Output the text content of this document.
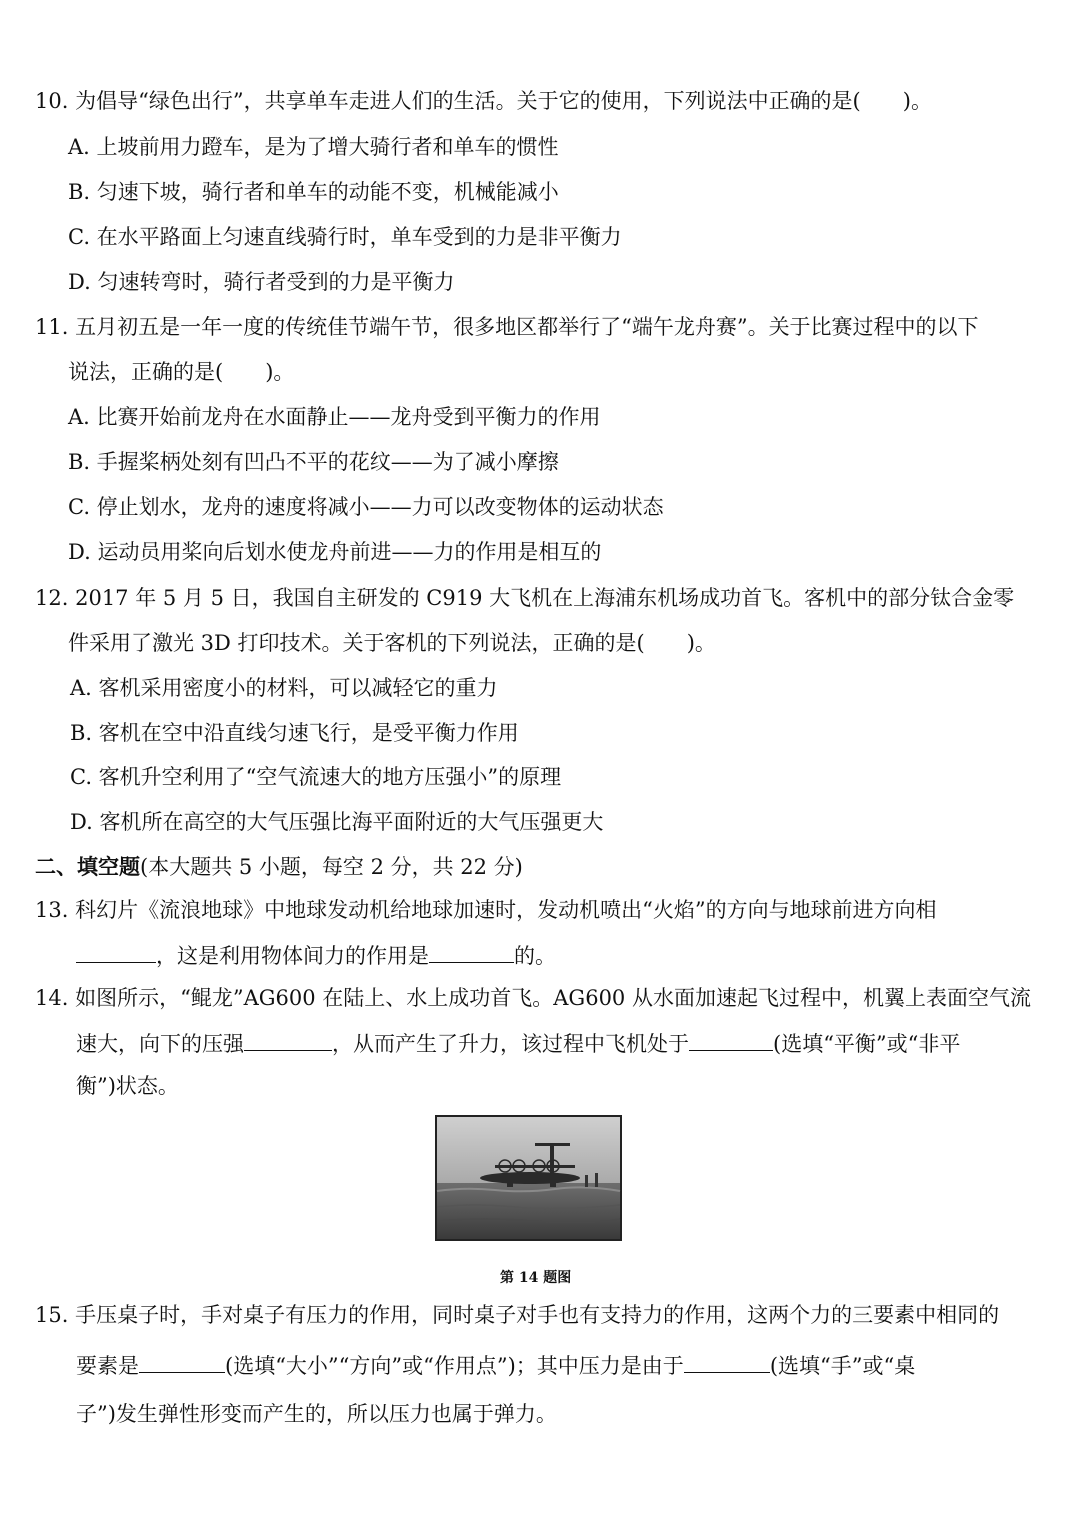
10. 为倡导“绿色出行”，共享单车走进人们的生活。关于它的使用，下列说法中正确的是(　　)。
A. 上坡前用力蹬车，是为了增大骑行者和单车的惯性
B. 匀速下坡，骑行者和单车的动能不变，机械能减小
C. 在水平路面上匀速直线骑行时，单车受到的力是非平衡力
D. 匀速转弯时，骑行者受到的力是平衡力
11. 五月初五是一年一度的传统佳节端午节，很多地区都举行了“端午龙舟赛”。关于比赛过程中的以下
说法，正确的是(　　)。
A. 比赛开始前龙舟在水面静止——龙舟受到平衡力的作用
B. 手握桨柄处刻有凹凸不平的花纹——为了减小摩擦
C. 停止划水，龙舟的速度将减小——力可以改变物体的运动状态
D. 运动员用桨向后划水使龙舟前进——力的作用是相互的
12. 2017 年 5 月 5 日，我国自主研发的 C919 大飞机在上海浦东机场成功首飞。客机中的部分钛合金零
件采用了激光 3D 打印技术。关于客机的下列说法，正确的是(　　)。
A. 客机采用密度小的材料，可以减轻它的重力
B. 客机在空中沿直线匀速飞行，是受平衡力作用
C. 客机升空利用了“空气流速大的地方压强小”的原理
D. 客机所在高空的大气压强比海平面附近的大气压强更大
二、填空题(本大题共 5 小题，每空 2 分，共 22 分)
13. 科幻片《流浪地球》中地球发动机给地球加速时，发动机喷出“火焰”的方向与地球前进方向相
，这是利用物体间力的作用是	的。
14. 如图所示，“鲲龙”AG600 在陆上、水上成功首飞。AG600 从水面加速起飞过程中，机翼上表面空气流
速大，向下的压强	，从而产生了升力，该过程中飞机处于	(选填“平衡”或“非平
衡”)状态。
第 14 题图
15. 手压桌子时，手对桌子有压力的作用，同时桌子对手也有支持力的作用，这两个力的三要素中相同的
要素是	(选填“大小”“方向”或“作用点”)；其中压力是由于	(选填“手”或“桌
子”)发生弹性形变而产生的，所以压力也属于弹力。
